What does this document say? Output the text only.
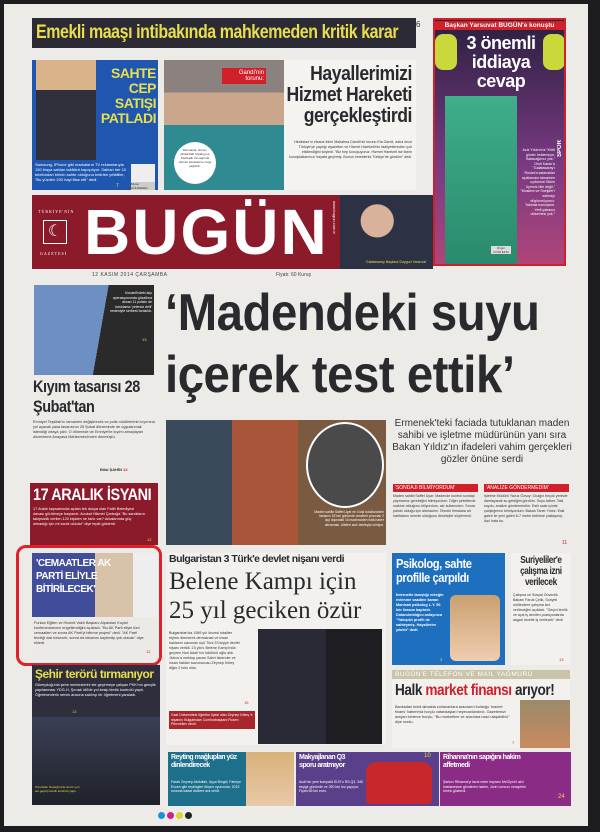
Emekli maaşı intibakında mahkemeden kritik karar 6
SAHTE CEP SATIŞI PATLADI
Samsung, iPhone gibi markaların TV reklamlarıyla 150 liraya satılan taklitleri kapışılıyor. Satılan her 10 telefondan birinin sahte olduğunu belirten yetkililer, "Bu yüzden 200 bayi iflas etti" dedi.
7	Murat GÜLDEREN
Gandi'nin torunu:	Hayallerimizi Hizmet Hareketi gerçekleştirdi
Ela Gandi, Güney Afrika'daki 'Diyalog ve Kardeşlik Yemeği'nde Hizmet Hareketi'ne övgü yağdırdı.
Hindistan'ın efsane lideri Mahatma Gandi'nin torunu Ela Gandi, daha önce Türkiye'ye yaptığı ziyaretten ve Hizmet Hareketi'nin faaliyetlerinden çok etkilendiğini söyledi. "Biz hep konuşuyoruz. Hizmet Hareketi ise bizim konuştuklarımızı hayata geçirmiş. Bunun örneklerini Türkiye'de gördüm" dedi.
Başkan Yarsuvat BUGÜN'e konuştu
3 önemli iddiaya cevap
SPOR
Aziz Yıldırım'a "Kötü günler beklemiyor. Batacağımız yok."
Ümit Karan'a "Galatasaray'ı Ruslar'a satacaklar açıklaması tamamen uydurma! Bizim üyemiz bile değil."
"Muslera ve Sneijder'i satmayı düşünmüyoruz. Takımla konuştum. Yerli yabancı oldurmesi yok."
Özgür GÜNTEKİN
TÜRKİYE'NİN
☾
GAZETESİ BUGÜN www.bugun.com.tr
Galatasaray Başkanı Duygun Yarsuvat
12 KASIM 2014 ÇARŞAMBA	Fiyatı: 60 Kuruş
Kocaeli'ndeki alçı operasyonunda gözaltına alınan 11 polisin de tutuklama 'yetersiz delil' nedeniyle serbest bırakıldı.
13
Kıyım tasarısı 28 Şubat'tan
Emniyet Teşkilatı'nı tamamen değiştirecek ve polis müdürlerinin kıyımına yol açacak yasa tasarısının 28 Şubat döneminde de uygulanmak istendiği ortaya çıktı. O dönemde de Emniyet'te kıyımı amaçlayan düzenleme Anayasa Mahkemesi'nden dönmüştü.
Bilal ŞAHİN 12
‘Madendeki suyu içerek test ettik’
Maden sahibi Saffet Uyar ve 4 kişi tutuklanırken facianın 15'inci gününde cesetleri çıkarılan 2 işçi dışındaki 16 madenciden hâlâ haber alınamadı. Aileleri acılı bekleyişi sürüyor.
Ermenek'teki faciada tutuklanan maden sahibi ve işletme müdürünün yanı sıra Bakan Yıldız'ın ifadeleri vahim gerçekleri gözler önüne serdi
'SONDAJI BİLMİYORDUM'	'ANALİZE GÖNDERMEDİM'
Maden sahibi Saffet Uyar: Madende kontrol sondajı yapmamız gerektiğini bilmiyordum. Diğer şirketlerde makine olduğunu biliyordum, alır kullanırdım. Sonra pahalı olduğu için alamadım. Önceki firmalara ait haritaların nerede olduğunu denetçiler söylemedi.
İşletme Müdürü Yavuz Özsoy: Ocağın birçok yerinde damlayarak su geldiğini gördüm. Suyu tattım. Tatlı suydu, analize göndermedim. Eski ocak içinde çalıştığımızı bilmiyordum. Bakan Taner Yıldız: Eski galeri ile yeni galeri 6-7 metre birbirine yaklaşmış. Asıl hata bu.
11
17 ARALIK İSYANI
17 Aralık kapsamında açılan tek dosya olan Fatih Belediyesi davası görülmeye başlandı. Avukat Hikmet Çarboğa "Bu sanıkların takipsizlik verilen 120 kişiden ne farkı var? Arkalarında güç olmadığı için mi sanık oldular" diye tepki gösterdi.
12
'CEMAATLER AK PARTİ ELİYLE BİTİRİLECEK'
Furkan Eğitim ve Hizmet Vakfı Başkanı Alparslan Kuytul konferanslarının engellendiğini açıkladı. "Bu AK Parti eliyle tüm cemaatleri ve sonra AK Parti'yi bitirme projesi" dedi. "AK Parti fendiği dalı kesecek, sonra da tabanını kaybedip yok olacak" diye ekledi.
12
Bulgaristan 3 Türk'e devlet nişanı verdi
Belene Kampı için 25 yıl geciken özür
Bulgaristan'da 1989 yılı öncesi totaliter rejime direnerek demokrasi ve insan haklarını savunan üçü Türk 23 kişiye devlet nişanı verildi. 23 yılını Belene Kampı'nda geçiren Nuri Adalı'nın ödülünü oğlu aldı. Jivkov'a mektup yazan Sabri İskender ve insan hakları savunucusu Zeynep Keleş diğer 2 isim oldu.
15
Gazi Üniversitesi öğretim üyesi olan Zeynep Keleş 'e nişanını Bulgaristan Cumhurbaşkanı Rosen Plevneliev verdi.
Psikolog, sahte profille çarpıldı
İnternette tanıştığı erkeğin evlenme vaadine kanan Manisalı psikolog L.Y. 50 bin lirasını kaptırdı. Dolandırıldığını anlayınca "Yakışıklı profili de sahteymiş. Hayallerim yıkıldı" dedi.
3
Suriyeliler'e çalışma izni verilecek
Çalışma ve Sosyal Güvenlik Bakanı Faruk Çelik, Suriyeli mültecilere çalışma izni verileceğini açıkladı. "Geçici kimlik ve açık iş denilen pozisyonlarda asgari ücretle iş verilecek" dedi.
13
Şehir terörü tırmanıyor
Güneydoğu'da şehir merkezlerini ele geçirmeye çalışan PKK'nın gençlik yapılanması YDG-H, Şırnak İdil'de yol kesip kimlik kontrolü yaptı. Öğretmenlerin servis aracına saldırıp bir öğretmeni yaraladı.
13
Teröristler Nusaybin'de de bir yeri ele geçirip kimlik kontrolü yaptı.
BUGÜN'E TELEFON VE MAIL YAĞMURU
Halk market finansı arıyor!
Bankadan kredi almakta zorlananlara aracıların bulduğu 'market finans' haberimiz borçlu vatandaşları heyecanlandırdı. Gazetemizi arayan binlerce borçlu, "Bu marketlere ve aracılara nasıl ulaşabiliriz" diye sordu.
7
Reyting mağlupları yüz dinlendirecek
Farah Zeynep Abdullah, Ayça Bingöl, Fahriye Evcen gibi reytingleri düşen oyuncular, 2015 sonuna kadar dizilere ara verdi.
2
Makyajlanan Q3 sporu aratmıyor
Audi'nin yeni kompakt SUV'u RS Q3, 340 beygir gücünde ve 250 km hız yapıyor. Fiyatı 56 bin euro.
10 Rihanna'nın sapığını hakim affetmedi
Şarkıcı Rihanna'yı taciz eden hayranı McGlynn'i akıl hastanesine gönderen hakim, John Lennon cinayetini örnek gösterdi.
24
